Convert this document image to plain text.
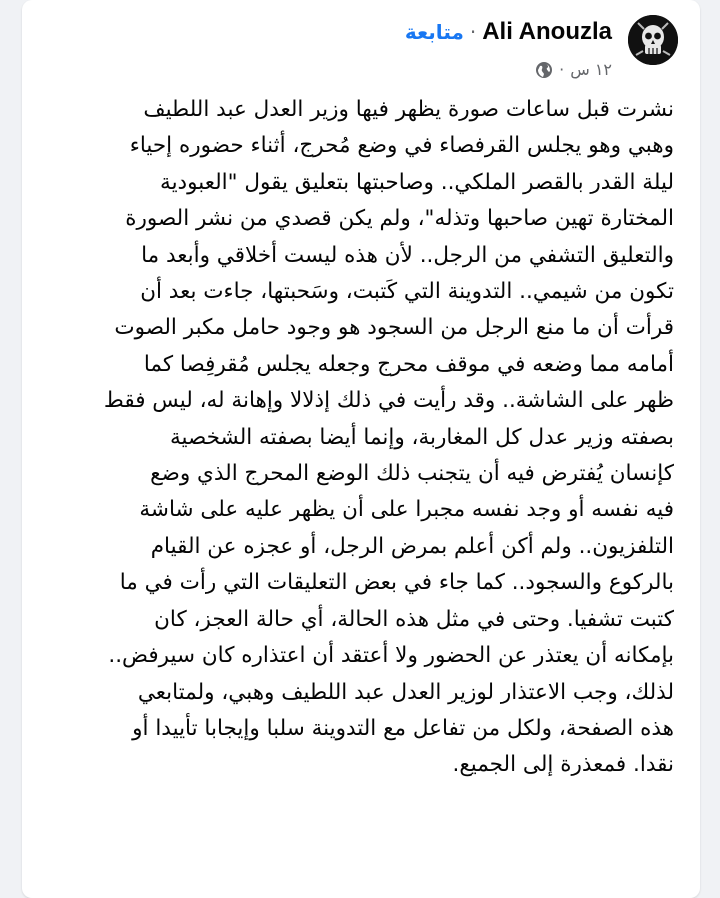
Ali Anouzla
·
متابعة
١٢ س
·
نشرت قبل ساعات صورة يظهر فيها وزير العدل عبد اللطيف
وهبي وهو يجلس القرفصاء في وضع مُحرج، أثناء حضوره إحياء
ليلة القدر بالقصر الملكي.. وصاحبتها بتعليق يقول "العبودية
المختارة تهين صاحبها وتذله"، ولم يكن قصدي من نشر الصورة
والتعليق التشفي من الرجل.. لأن هذه ليست أخلاقي وأبعد ما
تكون من شيمي.. التدوينة التي كَتبت، وسَحبتها، جاءت بعد أن
قرأت أن ما منع الرجل من السجود هو وجود حامل مكبر الصوت
أمامه مما وضعه في موقف محرج وجعله يجلس مُقرفِصا كما
ظهر على الشاشة.. وقد رأيت في ذلك إذلالا وإهانة له، ليس فقط
بصفته وزير عدل كل المغاربة، وإنما أيضا بصفته الشخصية
كإنسان يُفترض فيه أن يتجنب ذلك الوضع المحرج الذي وضع
فيه نفسه أو وجد نفسه مجبرا على أن يظهر عليه على شاشة
التلفزيون.. ولم أكن أعلم بمرض الرجل، أو عجزه عن القيام
بالركوع والسجود.. كما جاء في بعض التعليقات التي رأت في ما
كتبت تشفيا. وحتى في مثل هذه الحالة، أي حالة العجز، كان
بإمكانه أن يعتذر عن الحضور ولا أعتقد أن اعتذاره كان سيرفض..
لذلك، وجب الاعتذار لوزير العدل عبد اللطيف وهبي، ولمتابعي
هذه الصفحة، ولكل من تفاعل مع التدوينة سلبا وإيجابا تأييدا أو
نقدا. فمعذرة إلى الجميع.
